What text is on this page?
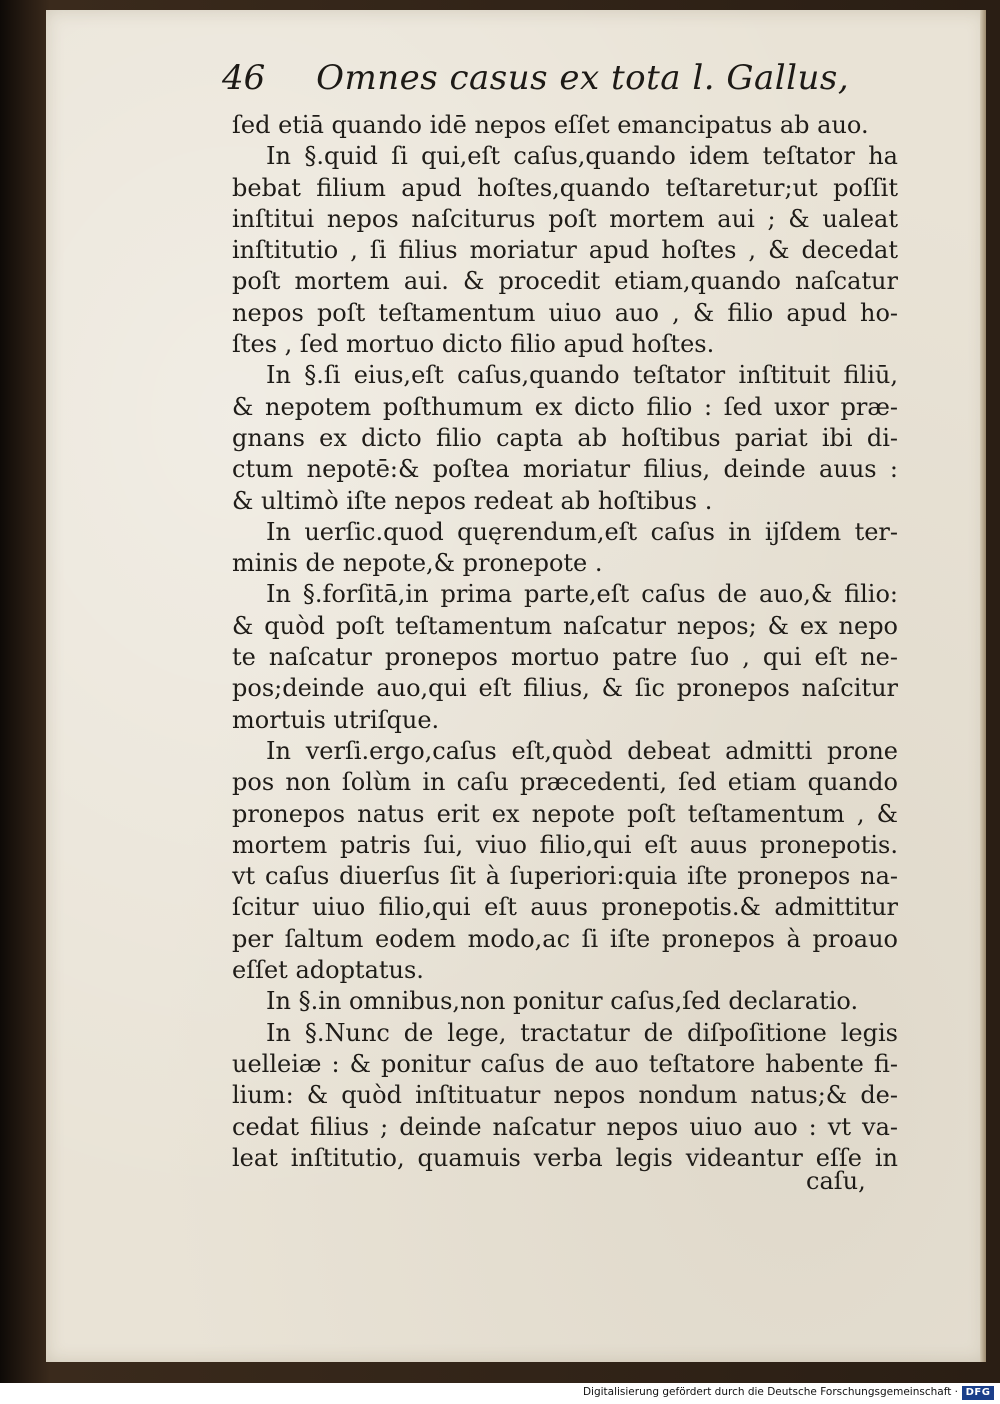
46 Omnes casus ex tota l. Gallus,
ſed etiā quando idē nepos eſſet emancipatus ab auo.
In §.quid ſi qui,eſt caſus,quando idem teſtator ha
bebat filium apud hoſtes,quando teſtaretur;ut poſſit
inſtitui nepos naſciturus poſt mortem aui ; & ualeat
inſtitutio , ſi filius moriatur apud hoſtes , & decedat
poſt mortem aui. & procedit etiam,quando naſcatur
nepos poſt teſtamentum uiuo auo , & filio apud ho-
ſtes , ſed mortuo dicto filio apud hoſtes.
In §.ſi eius,eſt caſus,quando teſtator inſtituit filiū,
& nepotem poſthumum ex dicto filio : ſed uxor præ-
gnans ex dicto filio capta ab hoſtibus pariat ibi di-
ctum nepotē:& poſtea moriatur filius, deinde auus :
& ultimò iſte nepos redeat ab hoſtibus .
In uerſic.quod quęrendum,eſt caſus in ijſdem ter-
minis de nepote,& pronepote .
In §.forſitā,in prima parte,eſt caſus de auo,& filio:
& quòd poſt teſtamentum naſcatur nepos; & ex nepo
te naſcatur pronepos mortuo patre ſuo , qui eſt ne-
pos;deinde auo,qui eſt filius, & ſic pronepos naſcitur
mortuis utriſque.
In verſi.ergo,caſus eſt,quòd debeat admitti prone
pos non ſolùm in caſu præcedenti, ſed etiam quando
pronepos natus erit ex nepote poſt teſtamentum , &
mortem patris ſui, viuo filio,qui eſt auus pronepotis.
vt caſus diuerſus ſit à ſuperiori:quia iſte pronepos na-
ſcitur uiuo filio,qui eſt auus pronepotis.& admittitur
per ſaltum eodem modo,ac ſi iſte pronepos à proauo
eſſet adoptatus.
In §.in omnibus,non ponitur caſus,ſed declaratio.
In §.Nunc de lege, tractatur de diſpoſitione legis
uelleiæ : & ponitur caſus de auo teſtatore habente fi-
lium: & quòd inſtituatur nepos nondum natus;& de-
cedat filius ; deinde naſcatur nepos uiuo auo : vt va-
leat inſtitutio, quamuis verba legis videantur eſſe in
caſu,
Digitalisierung gefördert durch die Deutsche Forschungsgemeinschaft · DFG
